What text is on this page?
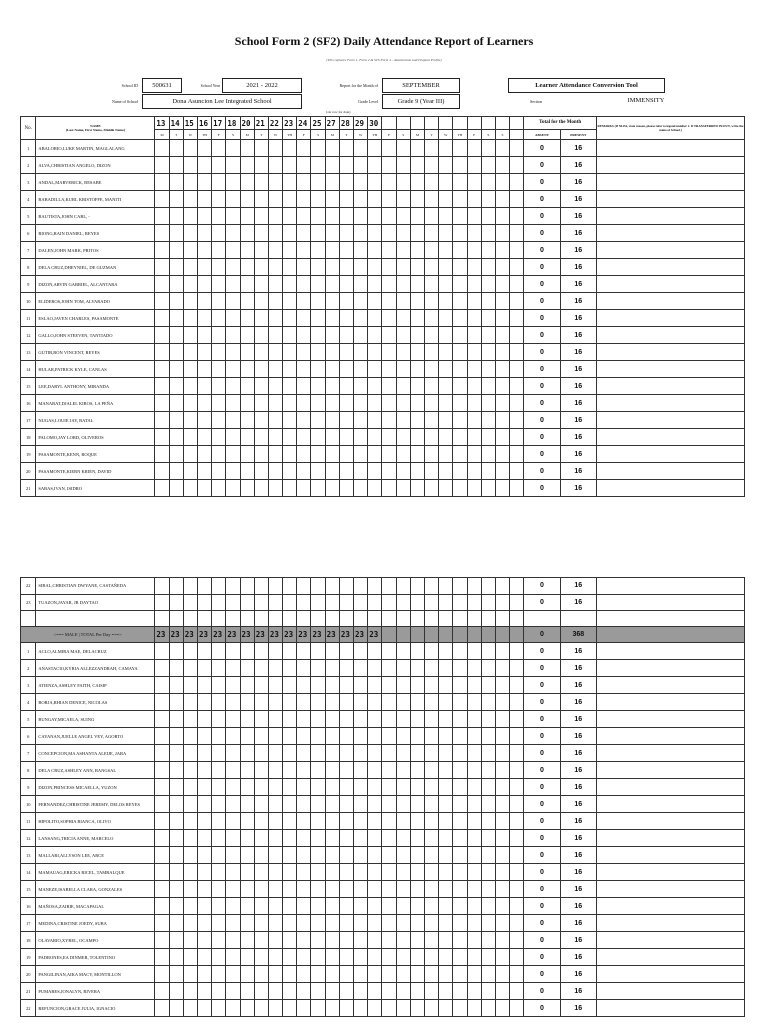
School Form 2 (SF2) Daily Attendance Report of Learners
(This replaces Form 1, Form 2 & STS Form 4 - Absenteeism and Dropout Profile)
School ID	500631	School Year	2021 - 2022	Report for the Month of	SEPTEMBER	Learner Attendance Conversion Tool
Name of School	Dona Asuncion Lee Integrated School	Grade Level	Grade 9 (Year III)	Section	IMMENSITY
(1st row for date)
No.	NAME
(Last Name, First Name, Middle Name)	13	14	15	16	17	18	20	21	22	23	24	25	27	28	29	30											Total for the Month		REMARKS (If NLPA, state reason, please refer to legend number 2. If TRANSFERRED IN/OUT, write the name of School.)
		M	T	W	TH	F	S	M	T	W	TH	F	S	M	T	W	TH	F	S	M	T	W	TH	F	S	S		ABSENT	PRESENT	
1	ABALORIO,LUKE MARTIN, MAGLALANG																											0	16	
2	ALVA,CHRISTIAN ANGELO, DIZON																											0	16	
3	ANDAL,MARVERICK, BESABE																											0	16	
4	BABADILLA,KURL KRISTOFFE, MANITI																											0	16	
5	BAUTISTA,JOHN CARL, -																											0	16	
6	BIONG,RAIN DANIEL, REYES																											0	16	
7	DALEN,JOHN MARK, PRITOS																											0	16	
8	DELA CRUZ,DHEYNIEL, DE GUZMAN																											0	16	
9	DIZON,ARVIN GABRIEL, ALCANTARA																											0	16	
10	ELIDEROS,JOHN TOM, ALVARADO																											0	16	
11	ESLAO,JAVEN CHARLES, PASAMONTE																											0	16	
12	GALLO,JOHN STEEVEN, TANTIADO																											0	16	
13	GUTIB,RON VINCENT, REYES																											0	16	
14	HULAR,PATRICK KYLE, CANLAS																											0	16	
15	LEE,DARYL ANTHONY, MIRANDA																											0	16	
16	MANABAT,DJALEL KIROS, LA PEÑA																											0	16	
17	NUGAS,LOUIE JAY, BATAL																											0	16	
18	PALOMO,JAY LORD, OLIVEROS																											0	16	
19	PASAMONTE,KENN, ROQUE																											0	16	
20	PASAMONTE,KIERN KRIEN, DAVID																											0	16	
21	SABAS,IVAN, ISIDRO																											0	16	
22	SIBAL,CHRISTIAN DWYANE, CASTAÑEDA																											0	16	
23	TUAZON,JAYAR, JR DAYTAO																											0	16	

<=== MALE | TOTAL Per Day ===>		23	23	23	23	23	23	23	23	23	23	23	23	23	23	23	23											0	368	
1	ACLO,ALMIRA MAE, DELACRUZ																											0	16	
2	ANASTACIO,KYRIA ALLEZZANDRAH, CAMAYA																											0	16	
3	ATIENZA,ASHLEY FAITH, CAISIP																											0	16	
4	BORJA,RHIAN DENICE, NICOLAS																											0	16	
5	BUNGAY,MICAELA, SUING																											0	16	
6	CAYANAN,JUELLE ANGEL VEY, AGORTO																											0	16	
7	CONCEPCION,MA ASHANTA ALEIJE, JABA																											0	16	
8	DELA CRUZ,ASHLEY ANN, BANGSAL																											0	16	
9	DIZON,PRINCESS MICAELLA, YUZON																											0	16	
10	FERNANDEZ,CHRISTINE JEREMY, DELOS REYES																											0	16	
11	HIPOLITO,SOPHIA BIANCA, OLIVO																											0	16	
12	LANSANG,TRICIA ANNE, MARCELO																											0	16	
13	MALLARI,ALLYSON LEE, ARCE																											0	16	
14	MAMAUAG,ERICKA RICEL, TAMBALQUE																											0	16	
15	MANEZE,ISABELLA CLARA, GONZALES																											0	16	
16	MAÑOSA,ZAIRIE, MACAPAGAL																											0	16	
17	MEDINA,CRISTINE JOEDY, SUBA																											0	16	
18	OLAVARIO,XYREL, OCAMPO																											0	16	
19	PADRONES,EA DINMER, TOLENTINO																											0	16	
20	PANGILINAN,AIKA MACY, MONTILLON																											0	16	
21	PUMARES,JONALYN, RIVERA																											0	16	
22	REFUNCION,GRACE JULIA, IGNACIO																											0	16	
